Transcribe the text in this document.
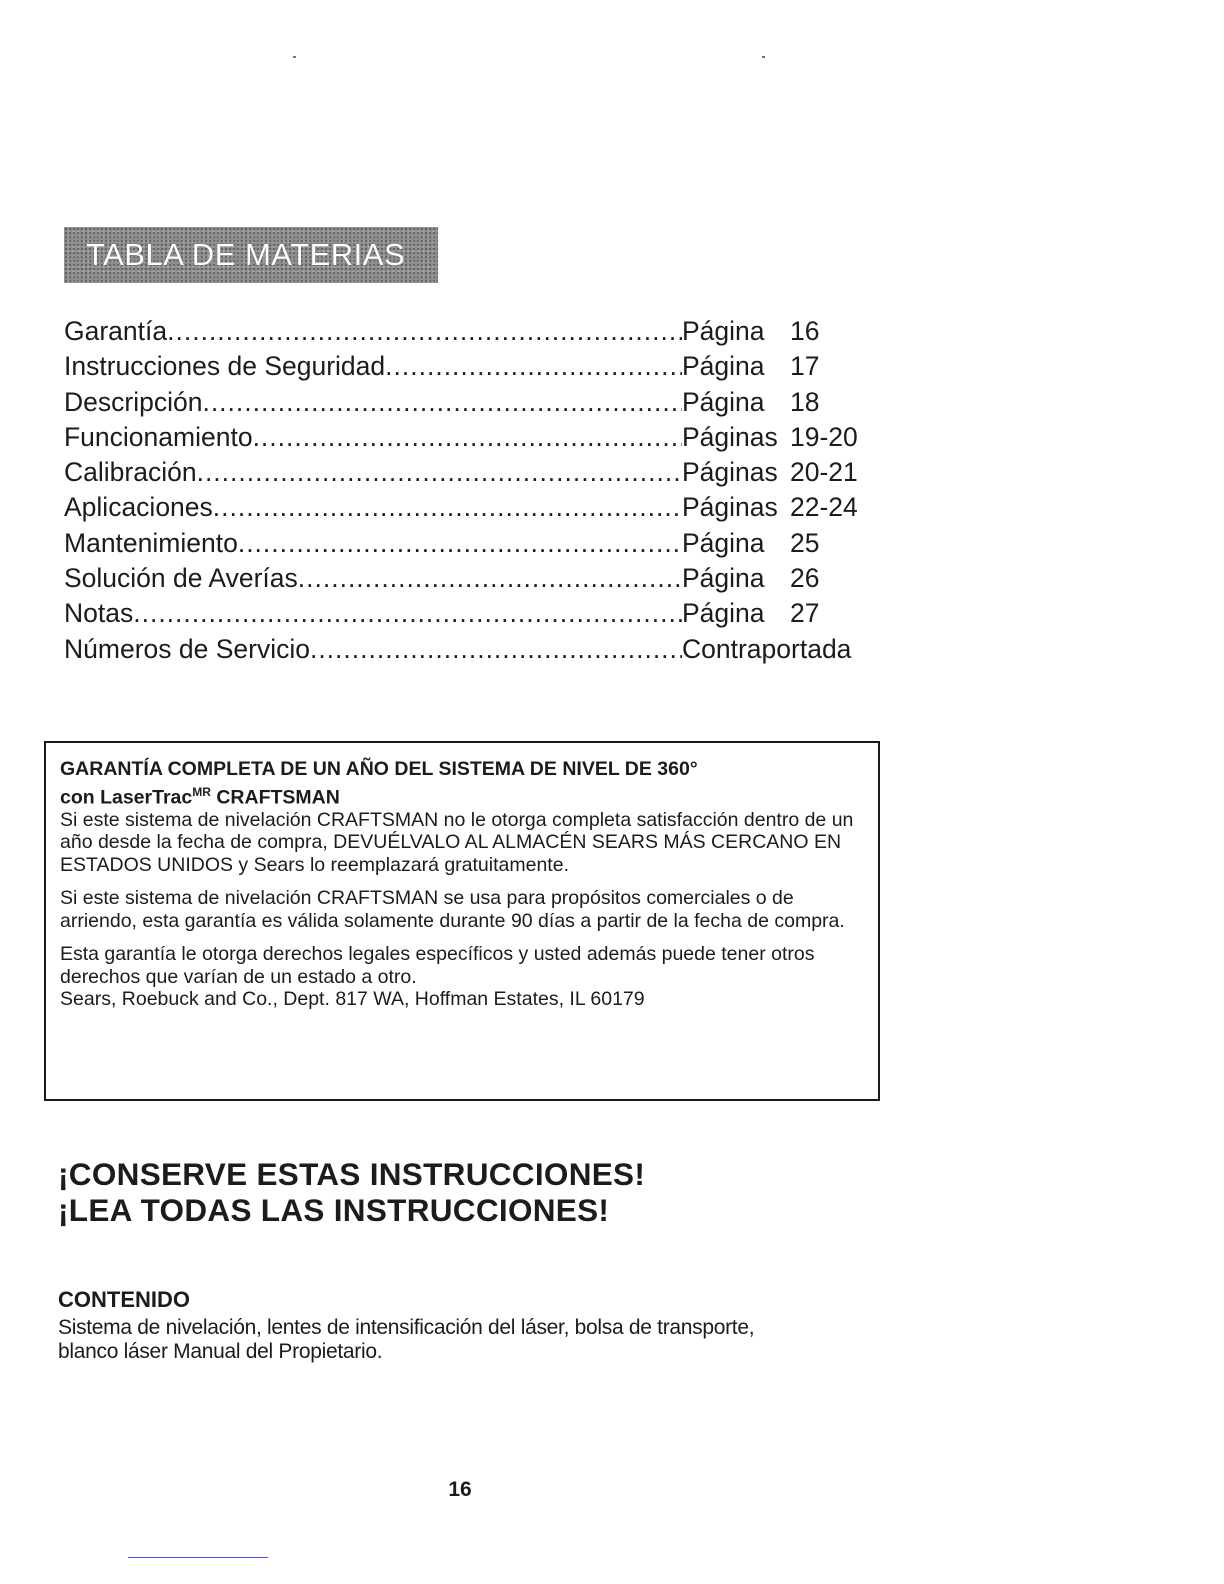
TABLA DE MATERIAS
Garantía .....	Página 16
Instrucciones de Seguridad .....	Página 17
Descripción .....	Página 18
Funcionamiento .....	Páginas 19-20
Calibración .....	Páginas 20-21
Aplicaciones .....	Páginas 22-24
Mantenimiento .....	Página 25
Solución de Averías .....	Página 26
Notas .....	Página 27
Números de Servicio .....	Contraportada
GARANTÍA COMPLETA DE UN AÑO DEL SISTEMA DE NIVEL DE 360°
con LaserTrac$^{MR}$ CRAFTSMAN
Si este sistema de nivelación CRAFTSMAN no le otorga completa satisfacción dentro de un año desde la fecha de compra, DEVUÉLVALO AL ALMACÉN SEARS MÁS CERCANO EN ESTADOS UNIDOS y Sears lo reemplazará gratuitamente.
Si este sistema de nivelación CRAFTSMAN se usa para propósitos comerciales o de arriendo, esta garantía es válida solamente durante 90 días a partir de la fecha de compra.
Esta garantía le otorga derechos legales específicos y usted además puede tener otros derechos que varían de un estado a otro.
Sears, Roebuck and Co., Dept. 817 WA, Hoffman Estates, IL 60179
¡CONSERVE ESTAS INSTRUCCIONES!
¡LEA TODAS LAS INSTRUCCIONES!
CONTENIDO
Sistema de nivelación, lentes de intensificación del láser, bolsa de transporte, blanco láser Manual del Propietario.
16
